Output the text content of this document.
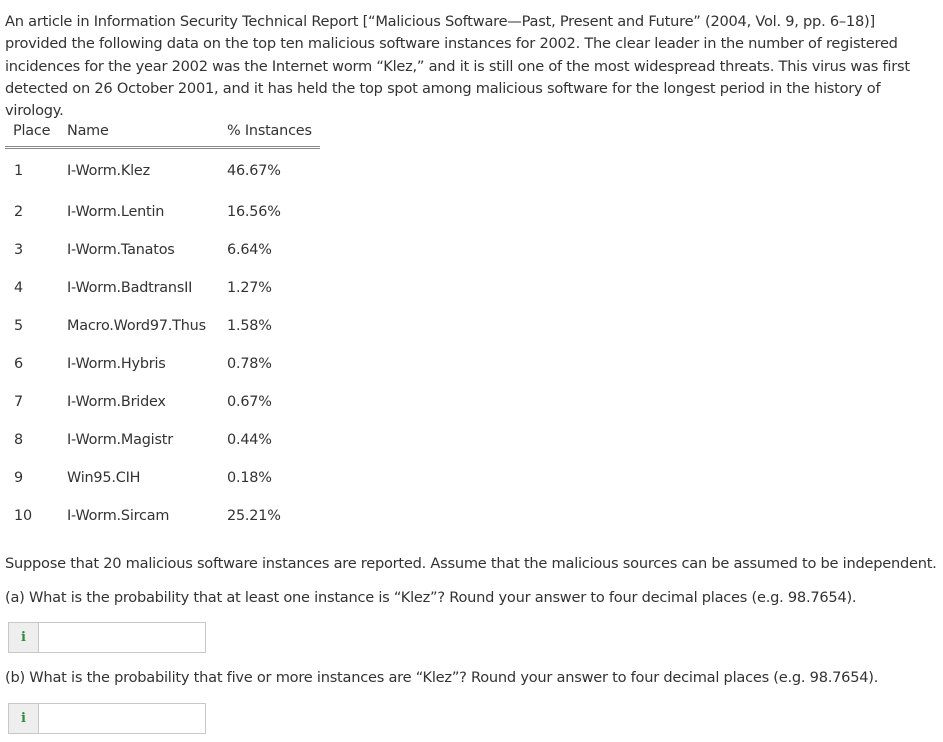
An article in Information Security Technical Report [“Malicious Software—Past, Present and Future” (2004, Vol. 9, pp. 6–18)] provided the following data on the top ten malicious software instances for 2002. The clear leader in the number of registered incidences for the year 2002 was the Internet worm “Klez,” and it is still one of the most widespread threats. This virus was first detected on 26 October 2001, and it has held the top spot among malicious software for the longest period in the history of virology.

Place	Name	% Instances
1	I-Worm.Klez	46.67%
2	I-Worm.Lentin	16.56%
3	I-Worm.Tanatos	6.64%
4	I-Worm.BadtransII	1.27%
5	Macro.Word97.Thus	1.58%
6	I-Worm.Hybris	0.78%
7	I-Worm.Bridex	0.67%
8	I-Worm.Magistr	0.44%
9	Win95.CIH	0.18%
10	I-Worm.Sircam	25.21%

Suppose that 20 malicious software instances are reported. Assume that the malicious sources can be assumed to be independent.

(a) What is the probability that at least one instance is “Klez”? Round your answer to four decimal places (e.g. 98.7654).

i

(b) What is the probability that five or more instances are “Klez”? Round your answer to four decimal places (e.g. 98.7654).

i
